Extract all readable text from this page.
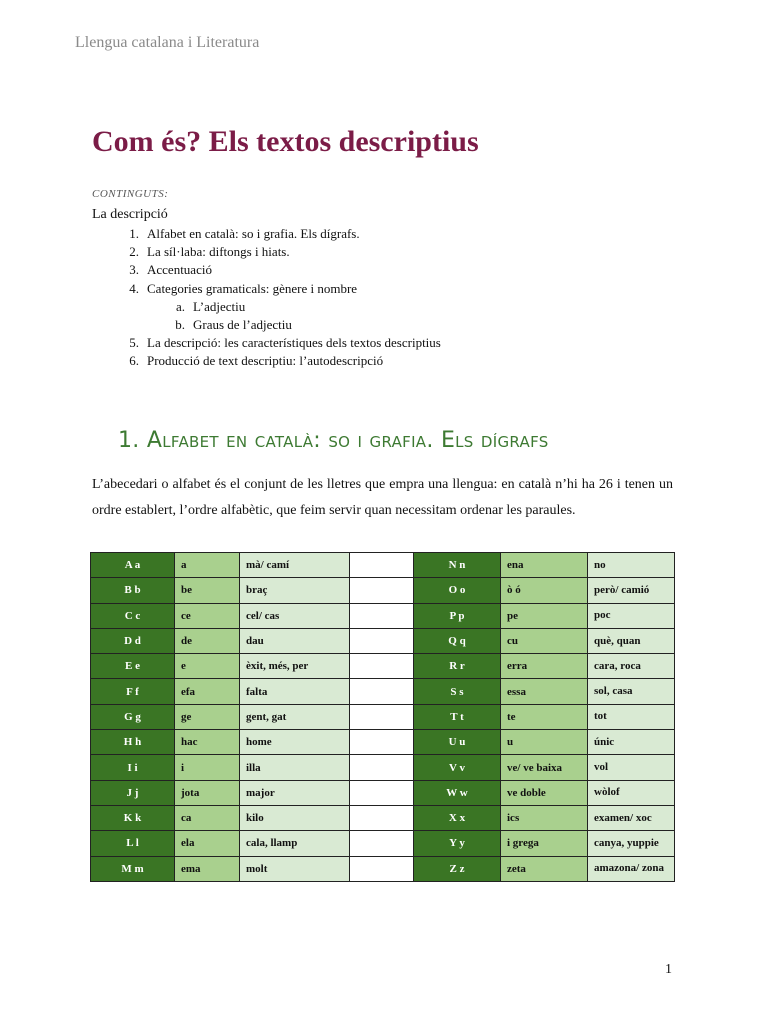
Llengua catalana i Literatura
Com és? Els textos descriptius
CONTINGUTS:
La descripció
1. Alfabet en català: so i grafia. Els dígrafs.
2. La síl·laba: diftongs i hiats.
3. Accentuació
4. Categories gramaticals: gènere i nombre
a. L’adjectiu
b. Graus de l’adjectiu
5. La descripció: les característiques dels textos descriptius
6. Producció de text descriptiu: l’autodescripció
1. Alfabet en català: so i grafia. Els dígrafs

L’abecedari o alfabet és el conjunt de les lletres que empra una llengua: en català n’hi ha 26 i tenen un ordre establert, l’ordre alfabètic, que feim servir quan necessitam ordenar les paraules.

A a	a	mà/ camí		N n	ena	no
B b	be	braç		O o	ò ó	però/ camió
C c	ce	cel/ cas		P p	pe	poc
D d	de	dau		Q q	cu	què, quan
E e	e	èxit, més, per		R r	erra	cara, roca
F f	efa	falta		S s	essa	sol, casa
G g	ge	gent, gat		T t	te	tot
H h	hac	home		U u	u	únic
I i	i	illa		V v	ve/ ve baixa	vol
J j	jota	major		W w	ve doble	wòlof
K k	ca	kilo		X x	ics	examen/ xoc
L l	ela	cala, llamp		Y y	i grega	canya, yuppie
M m	ema	molt		Z z	zeta	amazona/ zona
1
